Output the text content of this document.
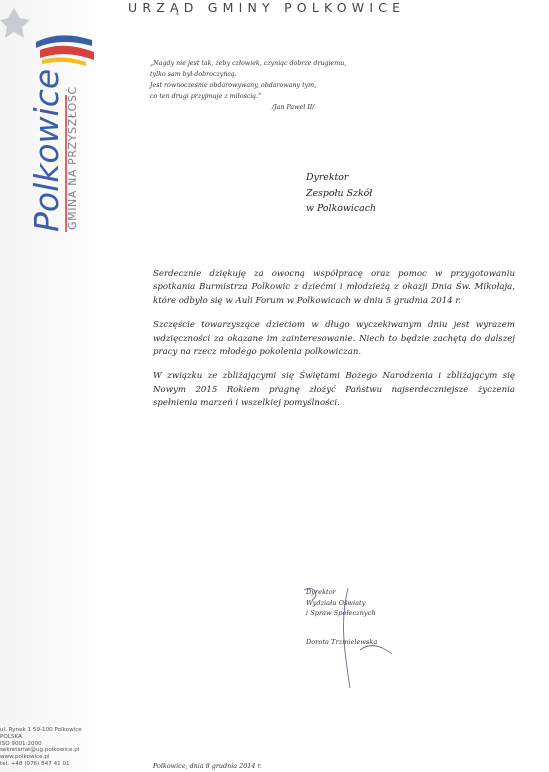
Polkowice GMINA NA PRZYSZŁOŚĆ
URZĄD GMINY POLKOWICE
„Nagdy nie jest tak, żeby człowiek, czyniąc dobrze drugiemu,
tylko sam był dobroczyńcą.
Jest równocześnie obdarowywany, obdarowany tym,
co ten drugi przyjmuje z miłością.”
/Jan Paweł II/
Dyrektor
Zespołu Szkół
w Polkowicach

Serdecznie dziękuję za owocną współpracę oraz pomoc w przygotowaniu spotkania Burmistrza Polkowic z dziećmi i młodzieżą z okazji Dnia Św. Mikołaja, które odbyło się w Auli Forum w Polkowicach w dniu 5 grudnia 2014 r.

Szczęście towarzyszące dzieciom w długo wyczekiwanym dniu jest wyrazem wdzięczności za okazane im zainteresowanie. Niech to będzie zachętą do dalszej pracy na rzecz młodego pokolenia polkowiczan.

W związku ze zbliżającymi się Świętami Bożego Narodzenia i zbliżającym się Nowym 2015 Rokiem pragnę złożyć Państwu najserdeczniejsze życzenia spełnienia marzeń i wszelkiej pomyślności.

Dyrektor
Wydziału Oświaty
i Spraw Społecznych
Dorota Trzmielewska
ul. Rynek 1 59-100 Polkowice
POLSKA
ISO 9001:2000
sekretariat@ug.polkowice.pl
www.polkowice.pl
tel. +48 (076) 847 41 01	Polkowice, dnia 8 grudnia 2014 r.
